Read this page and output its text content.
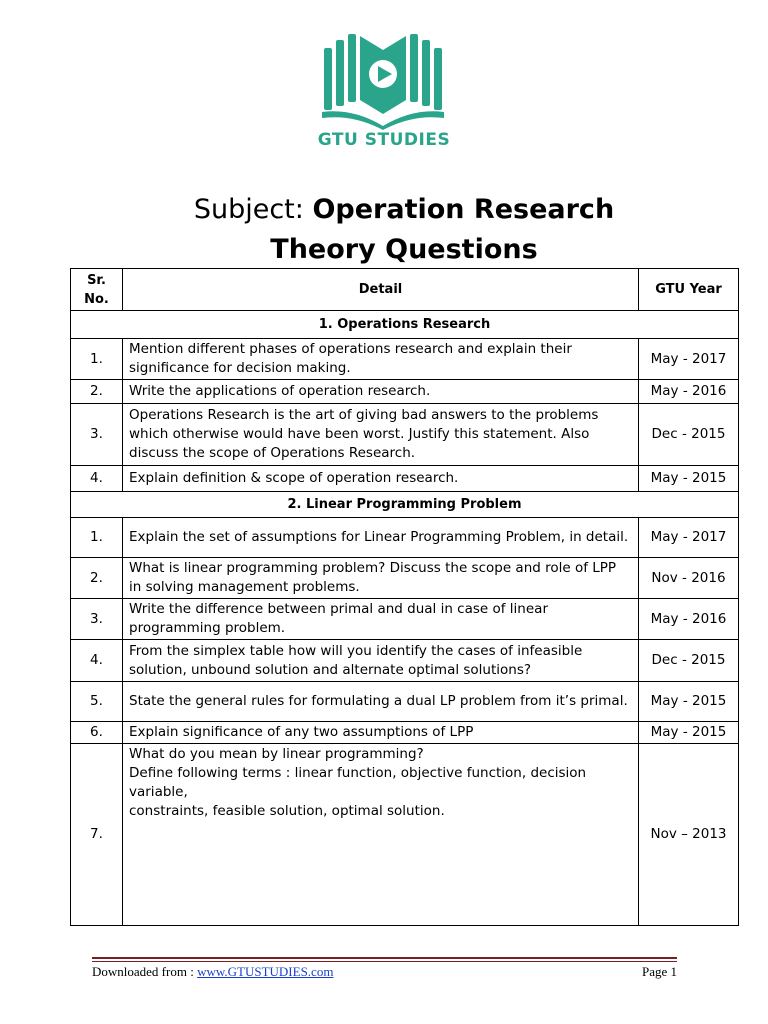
GTU STUDIES
Subject: Operation Research
Theory Questions
Sr.
No.	Detail	GTU Year
1. Operations Research		
1.	Mention different phases of operations research and explain their significance for decision making.	May - 2017
2.	Write the applications of operation research.	May - 2016
3.	Operations Research is the art of giving bad answers to the problems which otherwise would have been worst. Justify this statement. Also discuss the scope of Operations Research.	Dec - 2015
4.	Explain definition & scope of operation research.	May - 2015
2. Linear Programming Problem		
1.	Explain the set of assumptions for Linear Programming Problem, in detail.	May - 2017
2.	What is linear programming problem? Discuss the scope and role of LPP in solving management problems.	Nov - 2016
3.	Write the difference between primal and dual in case of linear programming problem.	May - 2016
4.	From the simplex table how will you identify the cases of infeasible solution, unbound solution and alternate optimal solutions?	Dec - 2015
5.	State the general rules for formulating a dual LP problem from it’s primal.	May - 2015
6.	Explain significance of any two assumptions of LPP	May - 2015
7.	What do you mean by linear programming?
Define following terms : linear function, objective function, decision variable,
constraints, feasible solution, optimal solution.	Nov – 2013
Downloaded from : www.GTUSTUDIES.com	Page 1
